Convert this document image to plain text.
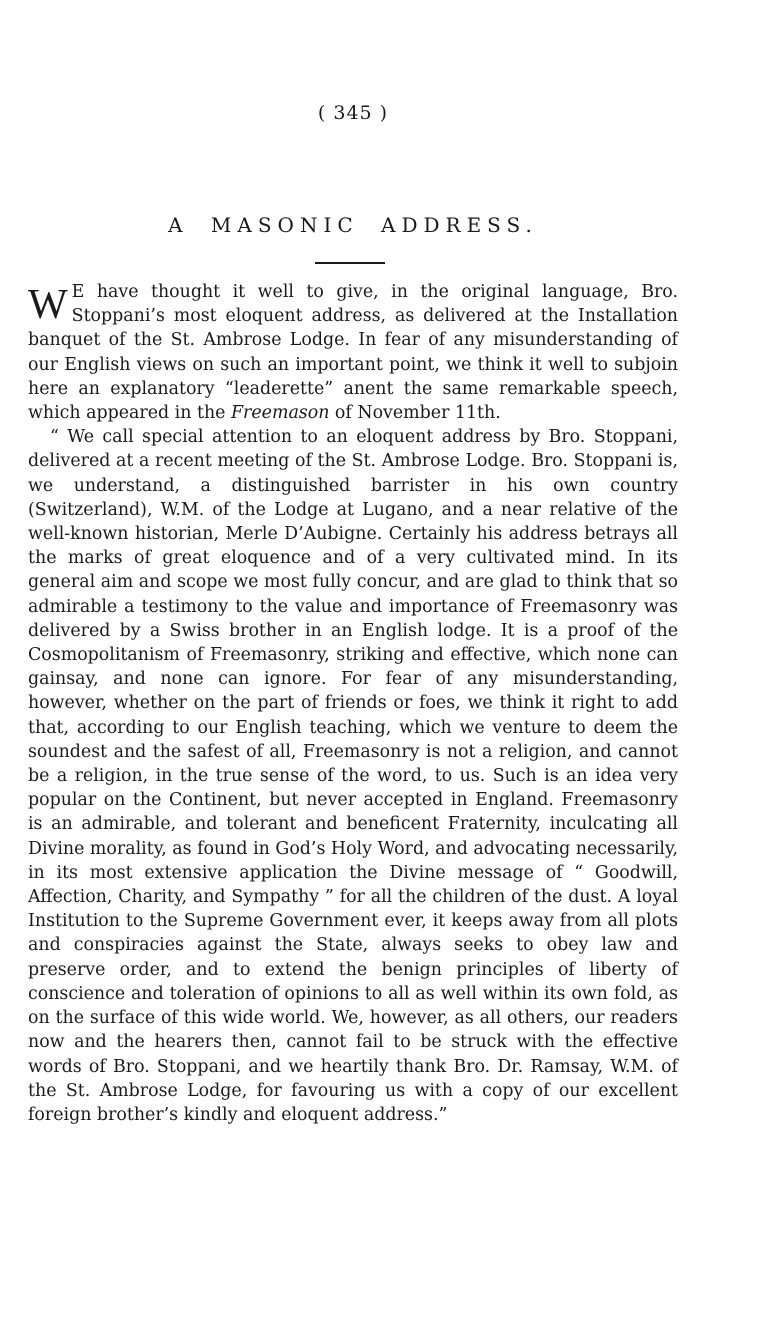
( 345 )
A MASONIC ADDRESS.

W E have thought it well to give, in the original language, Bro. Stoppani’s most eloquent address, as delivered at the Installation banquet of the St. Ambrose Lodge. In fear of any misunderstanding of our English views on such an important point, we think it well to subjoin here an explanatory “leaderette” anent the same remarkable speech, which appeared in the Freemason of November 11th.

“ We call special attention to an eloquent address by Bro. Stoppani, delivered at a recent meeting of the St. Ambrose Lodge. Bro. Stoppani is, we understand, a distinguished barrister in his own country (Switzerland), W.M. of the Lodge at Lugano, and a near relative of the well-known historian, Merle D’Aubigne. Certainly his address betrays all the marks of great eloquence and of a very cultivated mind. In its general aim and scope we most fully concur, and are glad to think that so admirable a testimony to the value and importance of Freemasonry was delivered by a Swiss brother in an English lodge. It is a proof of the Cosmopolitanism of Freemasonry, striking and effective, which none can gainsay, and none can ignore. For fear of any misunderstanding, however, whether on the part of friends or foes, we think it right to add that, according to our English teaching, which we venture to deem the soundest and the safest of all, Freemasonry is not a religion, and cannot be a religion, in the true sense of the word, to us. Such is an idea very popular on the Continent, but never accepted in England. Freemasonry is an admirable, and tolerant and beneficent Fraternity, inculcating all Divine morality, as found in God’s Holy Word, and advocating necessarily, in its most extensive application the Divine message of “ Goodwill, Affection, Charity, and Sympathy ” for all the children of the dust. A loyal Institution to the Supreme Government ever, it keeps away from all plots and conspiracies against the State, always seeks to obey law and preserve order, and to extend the benign principles of liberty of conscience and toleration of opinions to all as well within its own fold, as on the surface of this wide world. We, however, as all others, our readers now and the hearers then, cannot fail to be struck with the effective words of Bro. Stoppani, and we heartily thank Bro. Dr. Ramsay, W.M. of the St. Ambrose Lodge, for favouring us with a copy of our excellent foreign brother’s kindly and eloquent address.”
